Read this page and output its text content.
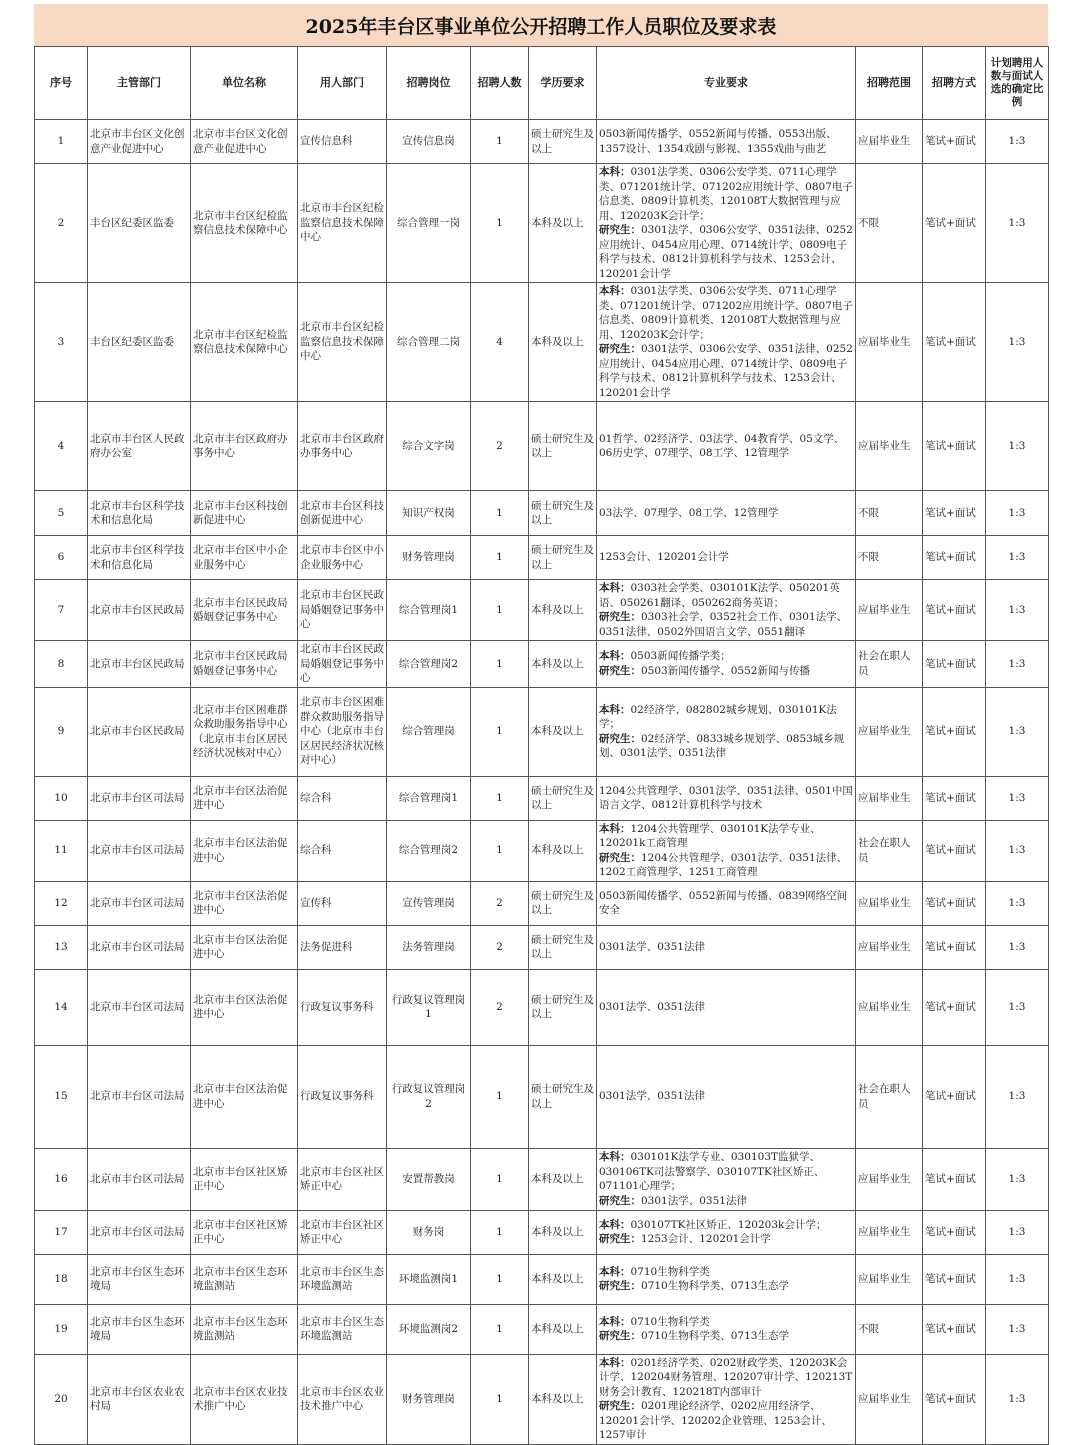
2025年丰台区事业单位公开招聘工作人员职位及要求表
序号	主管部门	单位名称	用人部门	招聘岗位	招聘人数	学历要求	专业要求	招聘范围	招聘方式	计划聘用人数与面试人选的确定比例
1	北京市丰台区文化创意产业促进中心	北京市丰台区文化创意产业促进中心	宣传信息科	宣传信息岗	1	硕士研究生及以上	0503新闻传播学、0552新闻与传播、0553出版、1357设计、1354戏剧与影视、1355戏曲与曲艺	应届毕业生	笔试+面试	1:3
2	丰台区纪委区监委	北京市丰台区纪检监察信息技术保障中心	北京市丰台区纪检监察信息技术保障中心	综合管理一岗	1	本科及以上	本科：0301法学类、0306公安学类、0711心理学类、071201统计学、071202应用统计学、0807电子信息类、0809计算机类、120108T大数据管理与应用、120203K会计学；
研究生：0301法学、0306公安学、0351法律、0252应用统计、0454应用心理、0714统计学、0809电子科学与技术、0812计算机科学与技术、1253会计、120201会计学	不限	笔试+面试	1:3
3	丰台区纪委区监委	北京市丰台区纪检监察信息技术保障中心	北京市丰台区纪检监察信息技术保障中心	综合管理二岗	4	本科及以上	本科：0301法学类、0306公安学类、0711心理学类、071201统计学、071202应用统计学、0807电子信息类、0809计算机类、120108T大数据管理与应用、120203K会计学；
研究生：0301法学、0306公安学、0351法律、0252应用统计、0454应用心理、0714统计学、0809电子科学与技术、0812计算机科学与技术、1253会计、120201会计学	应届毕业生	笔试+面试	1:3
4	北京市丰台区人民政府办公室	北京市丰台区政府办事务中心	北京市丰台区政府办事务中心	综合文字岗	2	硕士研究生及以上	01哲学、02经济学、03法学、04教育学、05文学、06历史学、07理学、08工学、12管理学	应届毕业生	笔试+面试	1:3
5	北京市丰台区科学技术和信息化局	北京市丰台区科技创新促进中心	北京市丰台区科技创新促进中心	知识产权岗	1	硕士研究生及以上	03法学、07理学、08工学、12管理学	不限	笔试+面试	1:3
6	北京市丰台区科学技术和信息化局	北京市丰台区中小企业服务中心	北京市丰台区中小企业服务中心	财务管理岗	1	硕士研究生及以上	1253会计、120201会计学	不限	笔试+面试	1:3
7	北京市丰台区民政局	北京市丰台区民政局婚姻登记事务中心	北京市丰台区民政局婚姻登记事务中心	综合管理岗1	1	本科及以上	本科：0303社会学类、030101K法学、050201英语、050261翻译、050262商务英语；
研究生：0303社会学、0352社会工作、0301法学、0351法律、0502外国语言文学、0551翻译	应届毕业生	笔试+面试	1:3
8	北京市丰台区民政局	北京市丰台区民政局婚姻登记事务中心	北京市丰台区民政局婚姻登记事务中心	综合管理岗2	1	本科及以上	本科：0503新闻传播学类；
研究生：0503新闻传播学、0552新闻与传播	社会在职人员	笔试+面试	1:3
9	北京市丰台区民政局	北京市丰台区困难群众救助服务指导中心（北京市丰台区居民经济状况核对中心）	北京市丰台区困难群众救助服务指导中心（北京市丰台区居民经济状况核对中心）	综合管理岗	1	本科及以上	本科：02经济学、082802城乡规划、030101K法学；
研究生：02经济学、0833城乡规划学、0853城乡规划、0301法学、0351法律	应届毕业生	笔试+面试	1:3
10	北京市丰台区司法局	北京市丰台区法治促进中心	综合科	综合管理岗1	1	硕士研究生及以上	1204公共管理学、0301法学、0351法律、0501中国语言文学、0812计算机科学与技术	应届毕业生	笔试+面试	1:3
11	北京市丰台区司法局	北京市丰台区法治促进中心	综合科	综合管理岗2	1	本科及以上	本科：1204公共管理学、030101K法学专业、120201k工商管理
研究生：1204公共管理学、0301法学、0351法律、1202工商管理学、1251工商管理	社会在职人员	笔试+面试	1:3
12	北京市丰台区司法局	北京市丰台区法治促进中心	宣传科	宣传管理岗	2	硕士研究生及以上	0503新闻传播学、0552新闻与传播、0839网络空间安全	应届毕业生	笔试+面试	1:3
13	北京市丰台区司法局	北京市丰台区法治促进中心	法务促进科	法务管理岗	2	硕士研究生及以上	0301法学、0351法律	应届毕业生	笔试+面试	1:3
14	北京市丰台区司法局	北京市丰台区法治促进中心	行政复议事务科	行政复议管理岗1	2	硕士研究生及以上	0301法学、0351法律	应届毕业生	笔试+面试	1:3
15	北京市丰台区司法局	北京市丰台区法治促进中心	行政复议事务科	行政复议管理岗2	1	硕士研究生及以上	0301法学、0351法律	社会在职人员	笔试+面试	1:3
16	北京市丰台区司法局	北京市丰台区社区矫正中心	北京市丰台区社区矫正中心	安置帮教岗	1	本科及以上	本科：030101K法学专业、030103T监狱学、030106TK司法警察学、030107TK社区矫正、071101心理学；
研究生：0301法学、0351法律	应届毕业生	笔试+面试	1:3
17	北京市丰台区司法局	北京市丰台区社区矫正中心	北京市丰台区社区矫正中心	财务岗	1	本科及以上	本科：030107TK社区矫正、120203k会计学；
研究生：1253会计、120201会计学	应届毕业生	笔试+面试	1:3
18	北京市丰台区生态环境局	北京市丰台区生态环境监测站	北京市丰台区生态环境监测站	环境监测岗1	1	本科及以上	本科：0710生物科学类
研究生：0710生物科学类、0713生态学	应届毕业生	笔试+面试	1:3
19	北京市丰台区生态环境局	北京市丰台区生态环境监测站	北京市丰台区生态环境监测站	环境监测岗2	1	本科及以上	本科：0710生物科学类
研究生：0710生物科学类、0713生态学	不限	笔试+面试	1:3
20	北京市丰台区农业农村局	北京市丰台区农业技术推广中心	北京市丰台区农业技术推广中心	财务管理岗	1	本科及以上	本科：0201经济学类、0202财政学类、120203K会计学、120204财务管理、120207审计学、120213T财务会计教育、120218T内部审计
研究生：0201理论经济学、0202应用经济学、120201会计学、120202企业管理、1253会计、1257审计	应届毕业生	笔试+面试	1:3
